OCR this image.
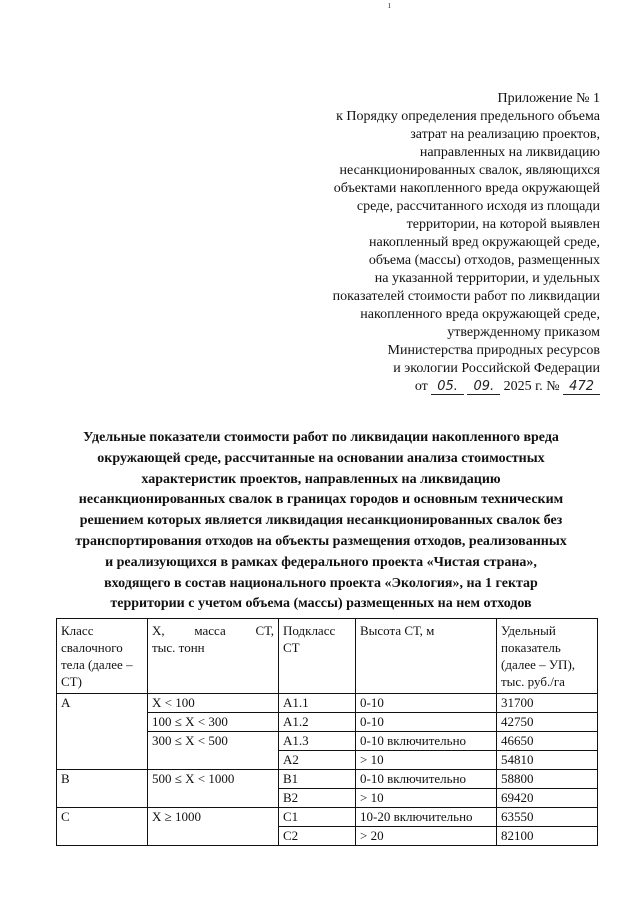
ı
Приложение № 1
к Порядку определения предельного объема
затрат на реализацию проектов,
направленных на ликвидацию
несанкционированных свалок, являющихся
объектами накопленного вреда окружающей
среде, рассчитанного исходя из площади
территории, на которой выявлен
накопленный вред окружающей среде,
объема (массы) отходов, размещенных
на указанной территории, и удельных
показателей стоимости работ по ликвидации
накопленного вреда окружающей среде,
утвержденному приказом
Министерства природных ресурсов
и экологии Российской Федерации
от 05. 09. 2025 г. № 472
Удельные показатели стоимости работ по ликвидации накопленного вреда
окружающей среде, рассчитанные на основании анализа стоимостных
характеристик проектов, направленных на ликвидацию
несанкционированных свалок в границах городов и основным техническим
решением которых является ликвидация несанкционированных свалок без
транспортирования отходов на объекты размещения отходов, реализованных
и реализующихся в рамках федерального проекта «Чистая страна»,
входящего в состав национального проекта «Экология», на 1 гектар
территории с учетом объема (массы) размещенных на нем отходов
Класс свалочного тела (далее – СТ)	Х, масса СТ,
тыс. тонн	Подкласс СТ	Высота СТ, м	Удельный показатель (далее – УП), тыс. руб./га
А	Х < 100	А1.1	0-10	31700
	100 ≤ Х < 300	А1.2	0-10	42750
	300 ≤ Х < 500	А1.3	0-10 включительно	46650
		А2	> 10	54810
В	500 ≤ Х < 1000	В1	0-10 включительно	58800
		В2	> 10	69420
С	Х ≥ 1000	С1	10-20 включительно	63550
		С2	> 20	82100
